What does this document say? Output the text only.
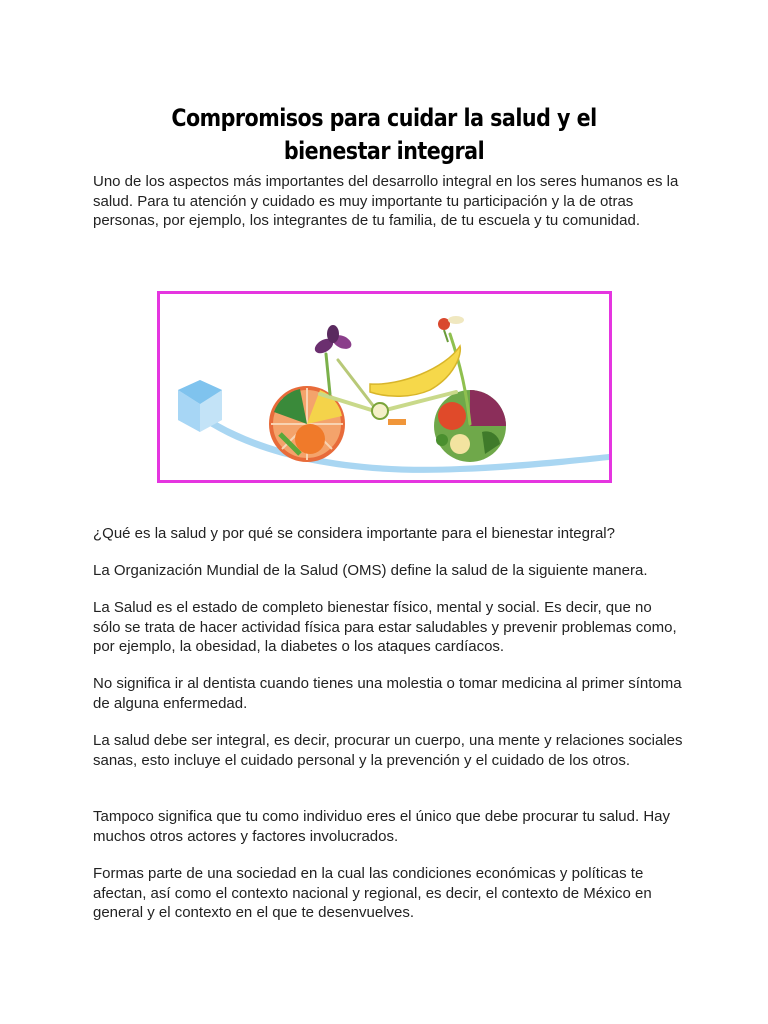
Compromisos para cuidar la salud y el bienestar integral

Uno de los aspectos más importantes del desarrollo integral en los seres humanos es la salud. Para tu atención y cuidado es muy importante tu participación y la de otras personas, por ejemplo, los integrantes de tu familia, de tu escuela y tu comunidad.

¿Qué es la salud y por qué se considera importante para el bienestar integral?

La Organización Mundial de la Salud (OMS) define la salud de la siguiente manera.

La Salud es el estado de completo bienestar físico, mental y social. Es decir, que no sólo se trata de hacer actividad física para estar saludables y prevenir problemas como, por ejemplo, la obesidad, la diabetes o los ataques cardíacos.

No significa ir al dentista cuando tienes una molestia o tomar medicina al primer síntoma de alguna enfermedad.

La salud debe ser integral, es decir, procurar un cuerpo, una mente y relaciones sociales sanas, esto incluye el cuidado personal y la prevención y el cuidado de los otros.

Tampoco significa que tu como individuo eres el único que debe procurar tu salud. Hay muchos otros actores y factores involucrados.

Formas parte de una sociedad en la cual las condiciones económicas y políticas te afectan, así como el contexto nacional y regional, es decir, el contexto de México en general y el contexto en el que te desenvuelves.
